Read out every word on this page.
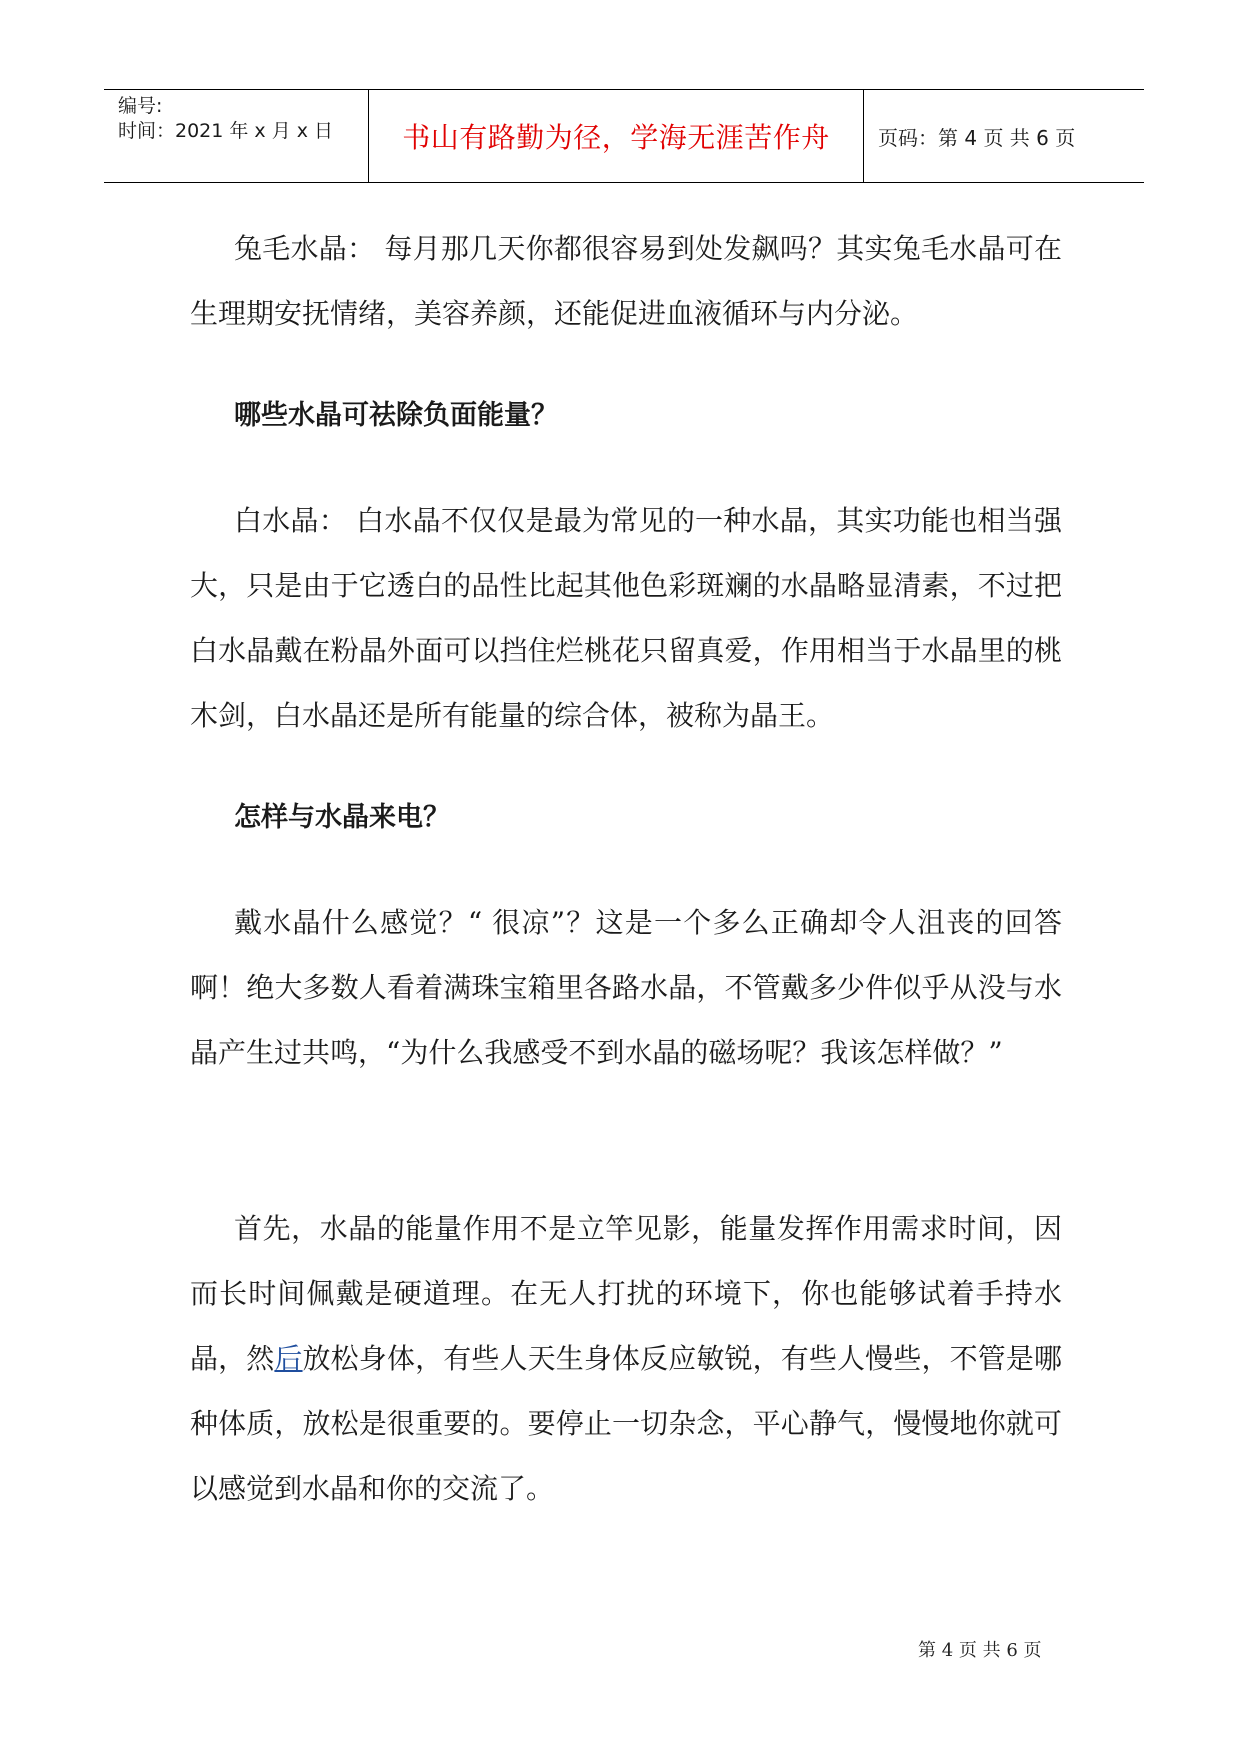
编号:
时间：2021 年 x 月 x 日 书山有路勤为径，学海无涯苦作舟 页码：第 4 页 共 6 页

兔毛水晶： 每月那几天你都很容易到处发飙吗？其实兔毛水晶可在生理期安抚情绪，美容养颜，还能促进血液循环与内分泌。

哪些水晶可祛除负面能量？

白水晶： 白水晶不仅仅是最为常见的一种水晶，其实功能也相当强大，只是由于它透白的品性比起其他色彩斑斓的水晶略显清素，不过把白水晶戴在粉晶外面可以挡住烂桃花只留真爱，作用相当于水晶里的桃木剑，白水晶还是所有能量的综合体，被称为晶王。

怎样与水晶来电？

戴水晶什么感觉？“ 很凉”？这是一个多么正确却令人沮丧的回答啊！绝大多数人看着满珠宝箱里各路水晶，不管戴多少件似乎从没与水晶产生过共鸣，“为什么我感受不到水晶的磁场呢？我该怎样做？”

首先，水晶的能量作用不是立竿见影，能量发挥作用需求时间，因而长时间佩戴是硬道理。在无人打扰的环境下，你也能够试着手持水晶，然后放松身体，有些人天生身体反应敏锐，有些人慢些，不管是哪种体质，放松是很重要的。要停止一切杂念，平心静气，慢慢地你就可以感觉到水晶和你的交流了。

第 4 页 共 6 页
